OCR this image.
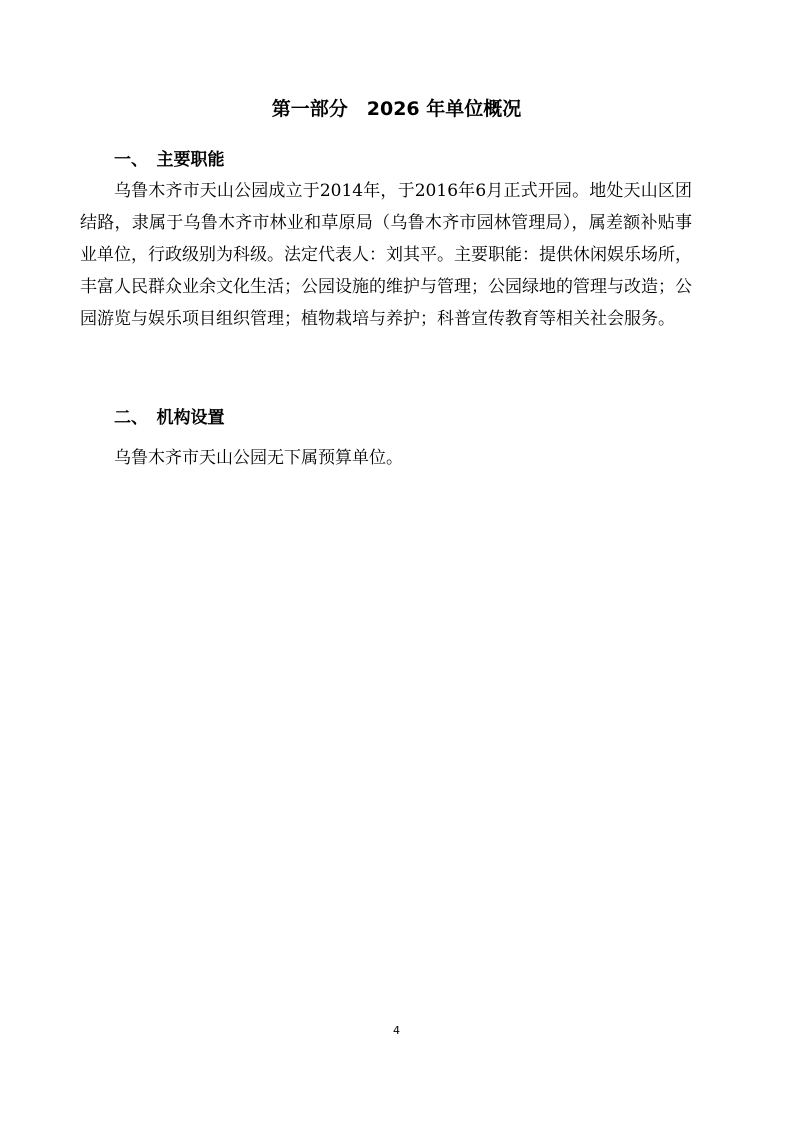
第一部分　2026 年单位概况
一、　主要职能

乌鲁木齐市天山公园成立于2014年，于2016年6月正式开园。地处天山区团结路，隶属于乌鲁木齐市林业和草原局（乌鲁木齐市园林管理局），属差额补贴事业单位，行政级别为科级。法定代表人：刘其平。主要职能：提供休闲娱乐场所，丰富人民群众业余文化生活；公园设施的维护与管理；公园绿地的管理与改造；公园游览与娱乐项目组织管理；植物栽培与养护；科普宣传教育等相关社会服务。

二、　机构设置

乌鲁木齐市天山公园无下属预算单位。

4
